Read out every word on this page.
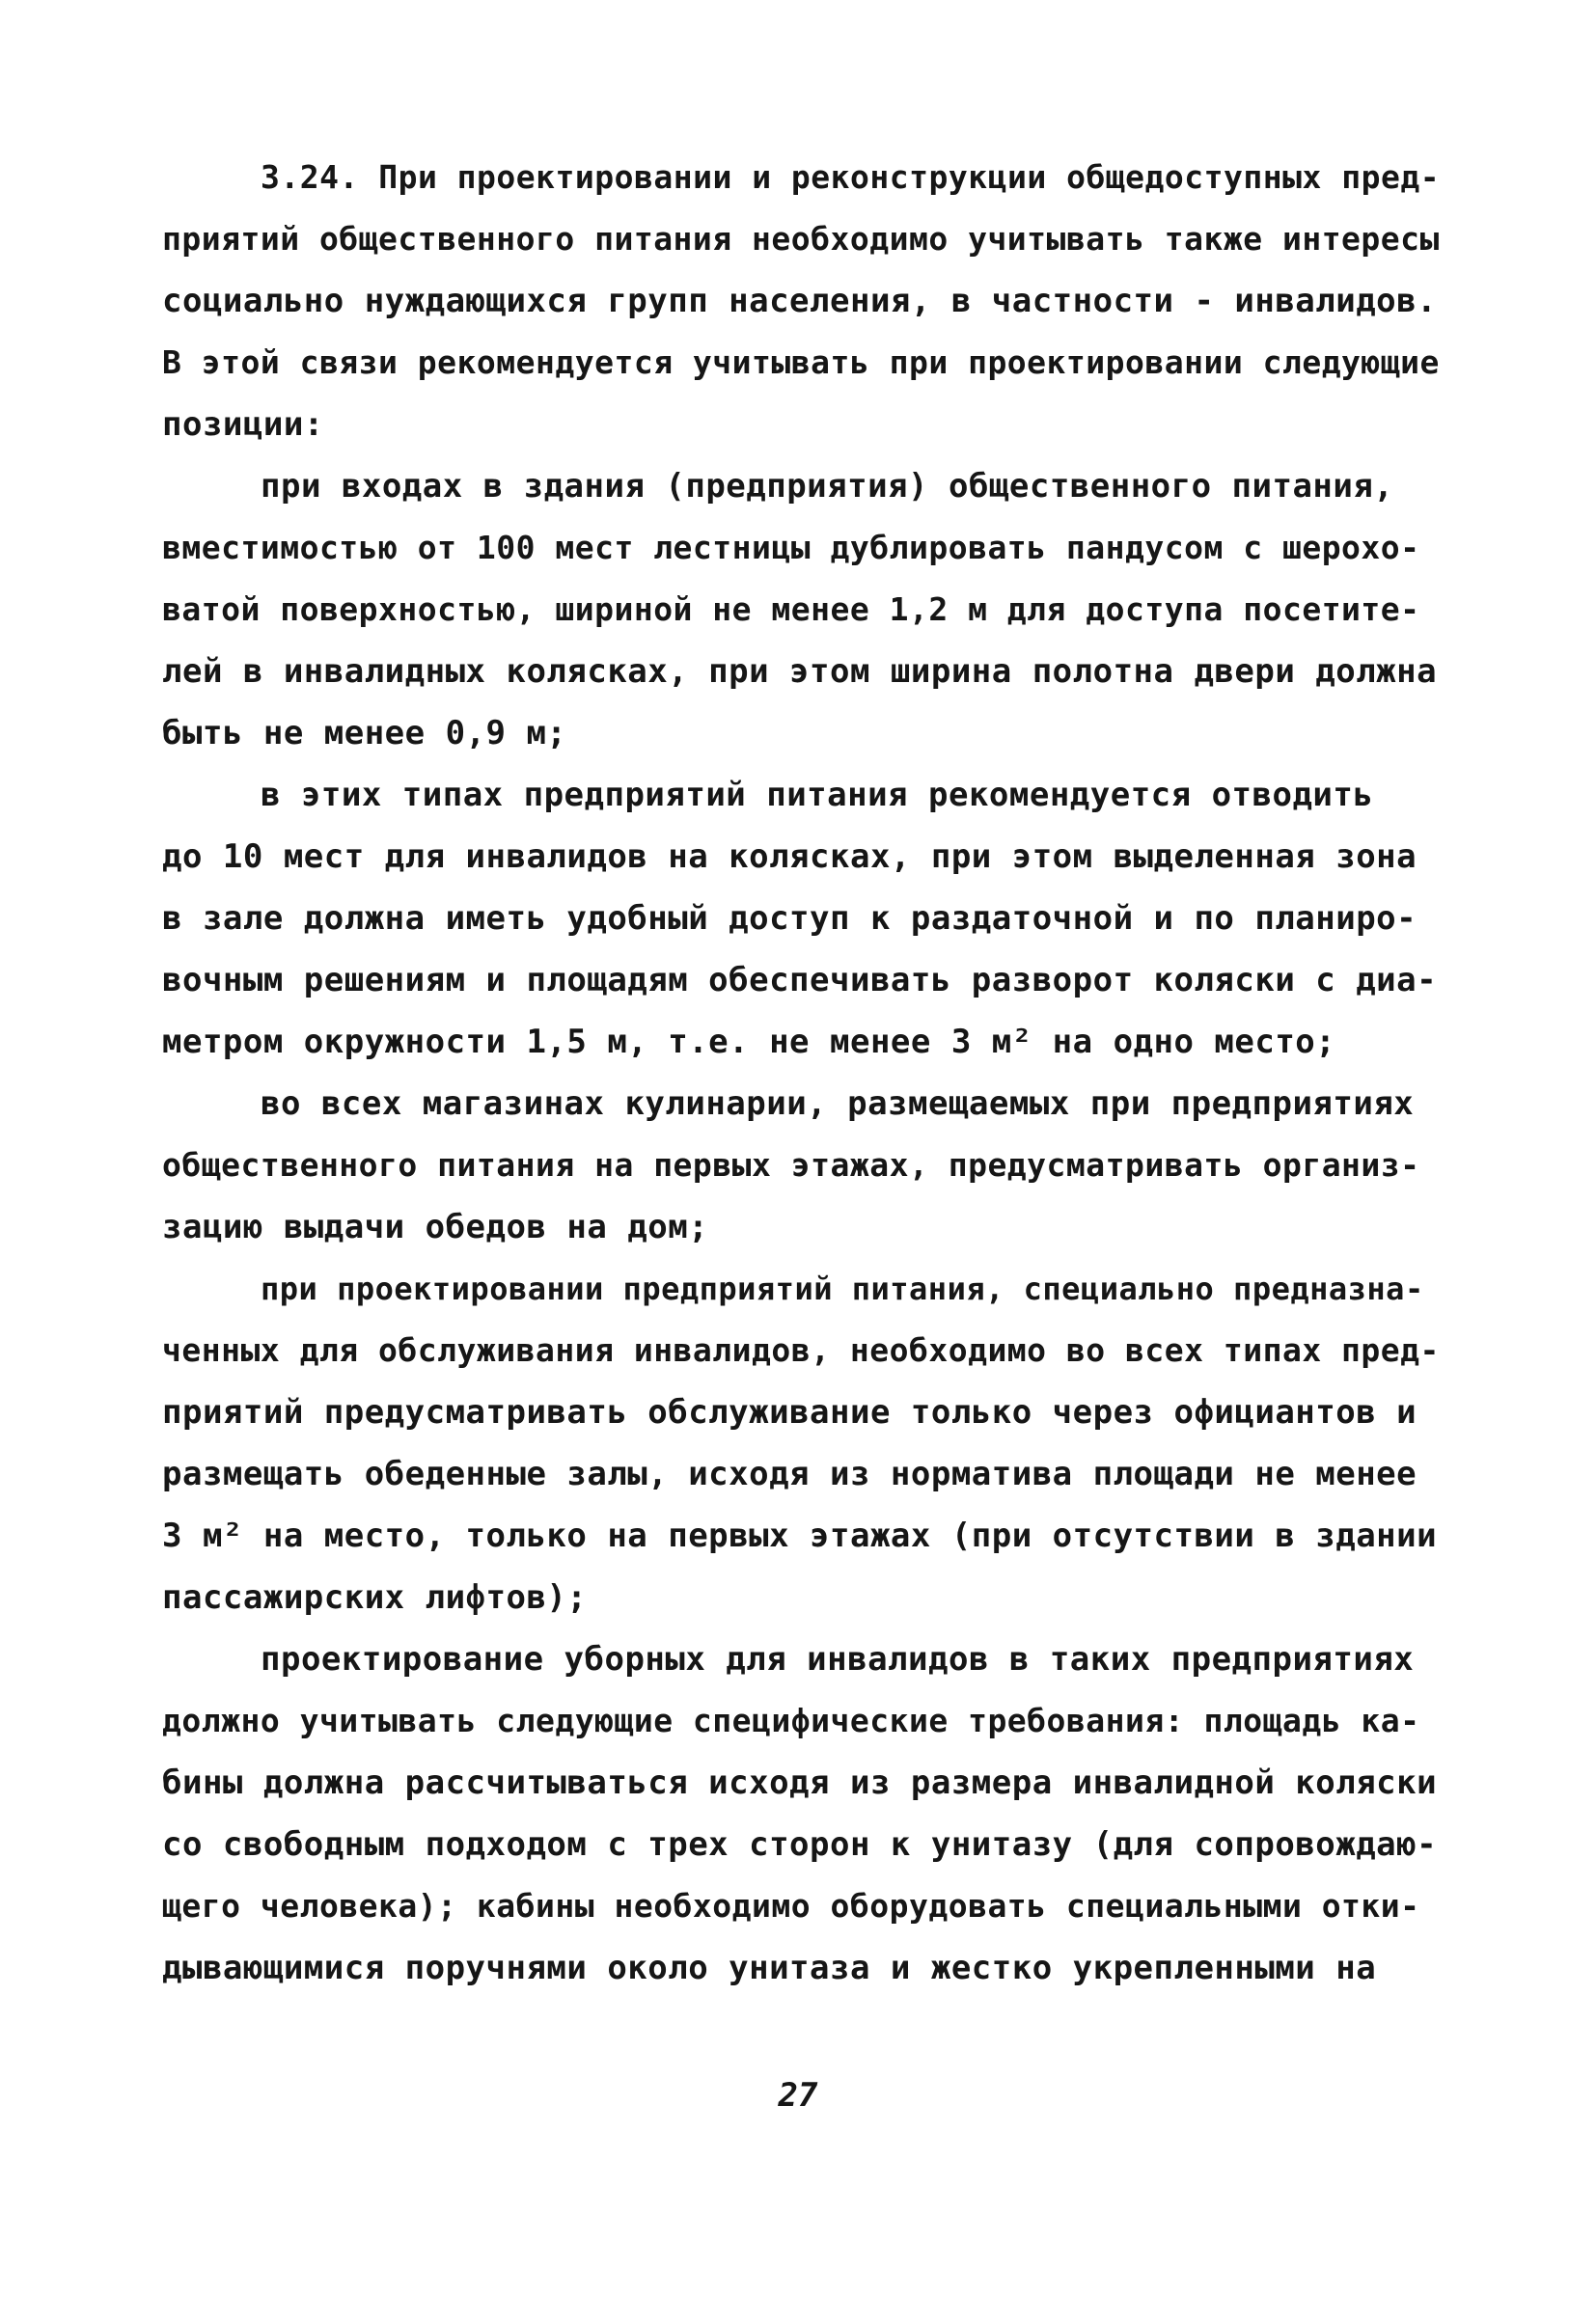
3.24. При проектировании и реконструкции общедоступных пред-
приятий общественного питания необходимо учитывать также интересы
социально нуждающихся групп населения, в частности - инвалидов.
В этой связи рекомендуется учитывать при проектировании следующие
позиции:
при входах в здания (предприятия) общественного питания,
вместимостью от 100 мест лестницы дублировать пандусом с шерохо-
ватой поверхностью, шириной не менее 1,2 м для доступа посетите-
лей в инвалидных колясках, при этом ширина полотна двери должна
быть не менее 0,9 м;
в этих типах предприятий питания рекомендуется отводить
до 10 мест для инвалидов на колясках, при этом выделенная зона
в зале должна иметь удобный доступ к раздаточной и по планиро-
вочным решениям и площадям обеспечивать разворот коляски с диа-
метром окружности 1,5 м, т.е. не менее 3 м² на одно место;
во всех магазинах кулинарии, размещаемых при предприятиях
общественного питания на первых этажах, предусматривать организ-
зацию выдачи обедов на дом;
при проектировании предприятий питания, специально предназна-
ченных для обслуживания инвалидов, необходимо во всех типах пред-
приятий предусматривать обслуживание только через официантов и
размещать обеденные залы, исходя из норматива площади не менее
3 м² на место, только на первых этажах (при отсутствии в здании
пассажирских лифтов);
проектирование уборных для инвалидов в таких предприятиях
должно учитывать следующие специфические требования: площадь ка-
бины должна рассчитываться исходя из размера инвалидной коляски
со свободным подходом с трех сторон к унитазу (для сопровождаю-
щего человека); кабины необходимо оборудовать специальными отки-
дывающимися поручнями около унитаза и жестко укрепленными на
27
